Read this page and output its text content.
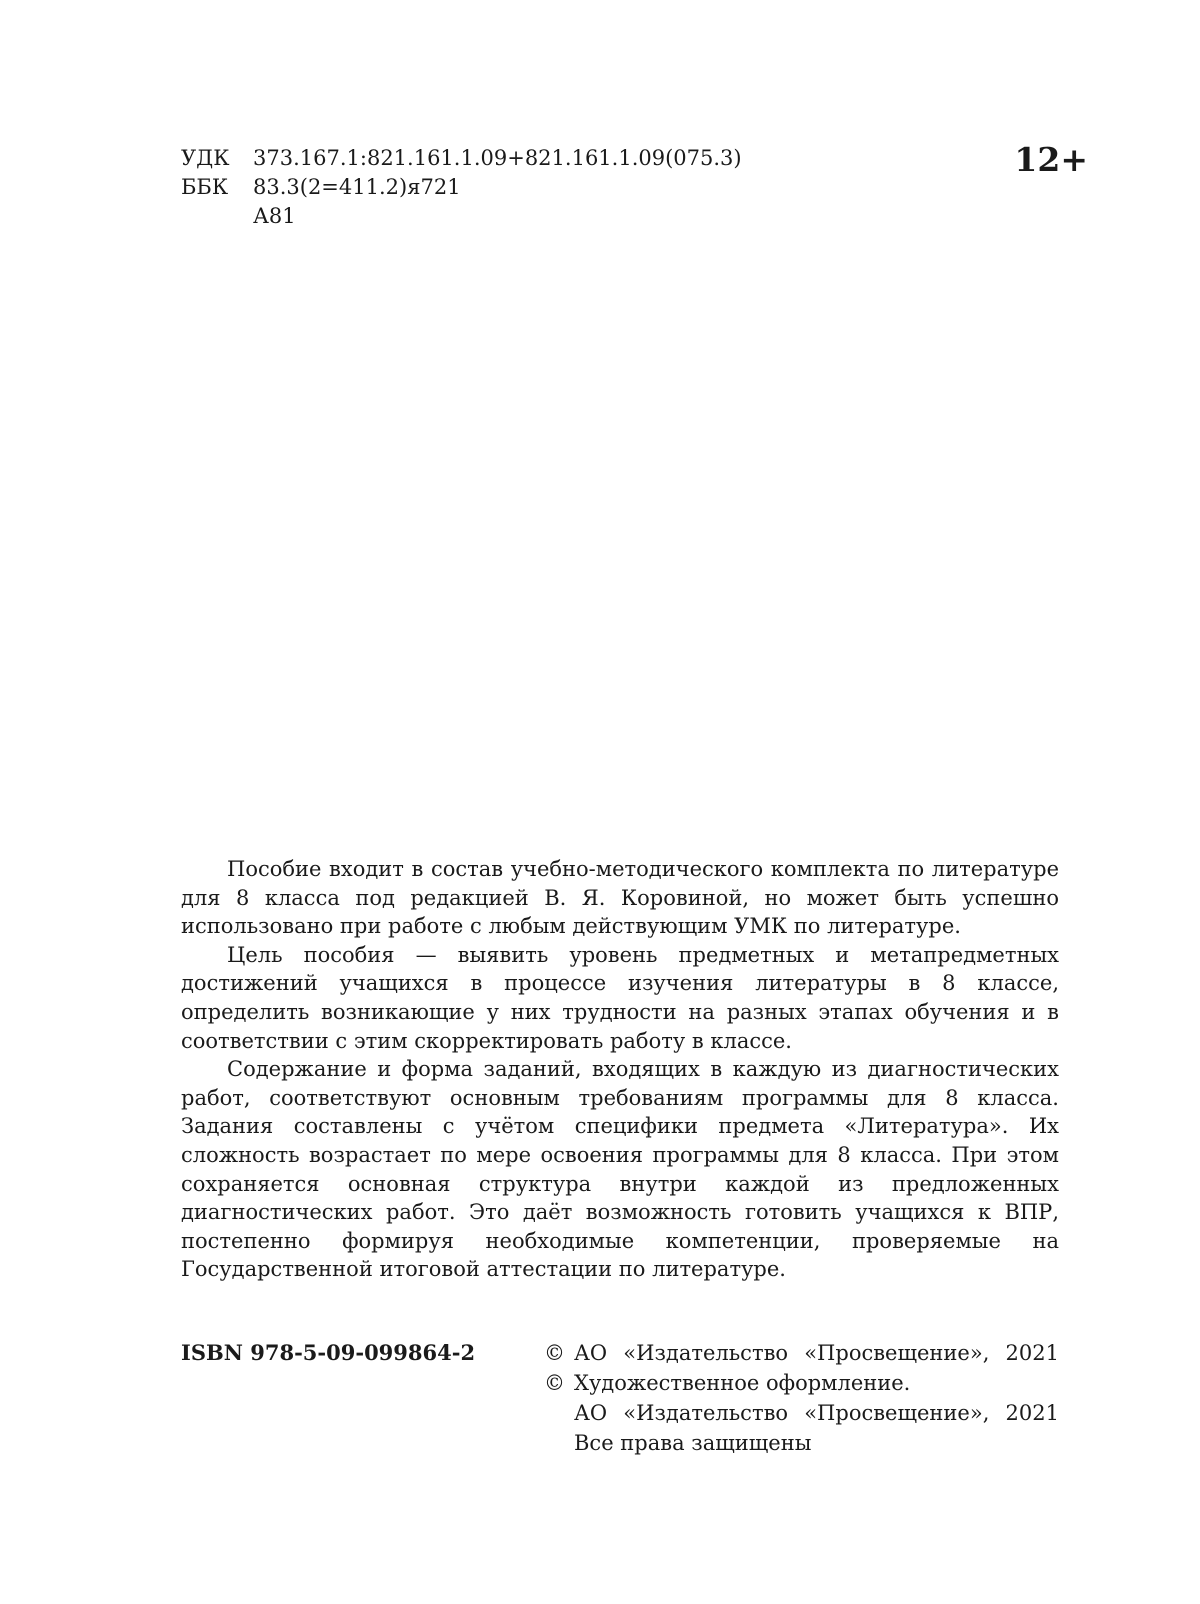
УДК	373.167.1:821.161.1.09+821.161.1.09(075.3)
ББК	83.3(2=411.2)я721
А81
12+

Пособие входит в состав учебно-методического комплекта по литературе для 8 класса под редакцией В. Я. Коровиной, но может быть успешно использовано при работе с любым действующим УМК по литературе.

Цель пособия — выявить уровень предметных и метапредметных достижений учащихся в процессе изучения литературы в 8 классе, определить возникающие у них трудности на разных этапах обучения и в соответствии с этим скорректировать работу в классе.

Содержание и форма заданий, входящих в каждую из диагностических работ, соответствуют основным требованиям программы для 8 класса. Задания составлены с учётом специфики предмета «Литература». Их сложность возрастает по мере освоения программы для 8 класса. При этом сохраняется основная структура внутри каждой из предложенных диагностических работ. Это даёт возможность готовить учащихся к ВПР, постепенно формируя необходимые компетенции, проверяемые на Государственной итоговой аттестации по литературе.

ISBN 978-5-09-099864-2	© АО «Издательство «Просвещение», 2021
© Художественное оформление.
АО «Издательство «Просвещение», 2021
Все права защищены
